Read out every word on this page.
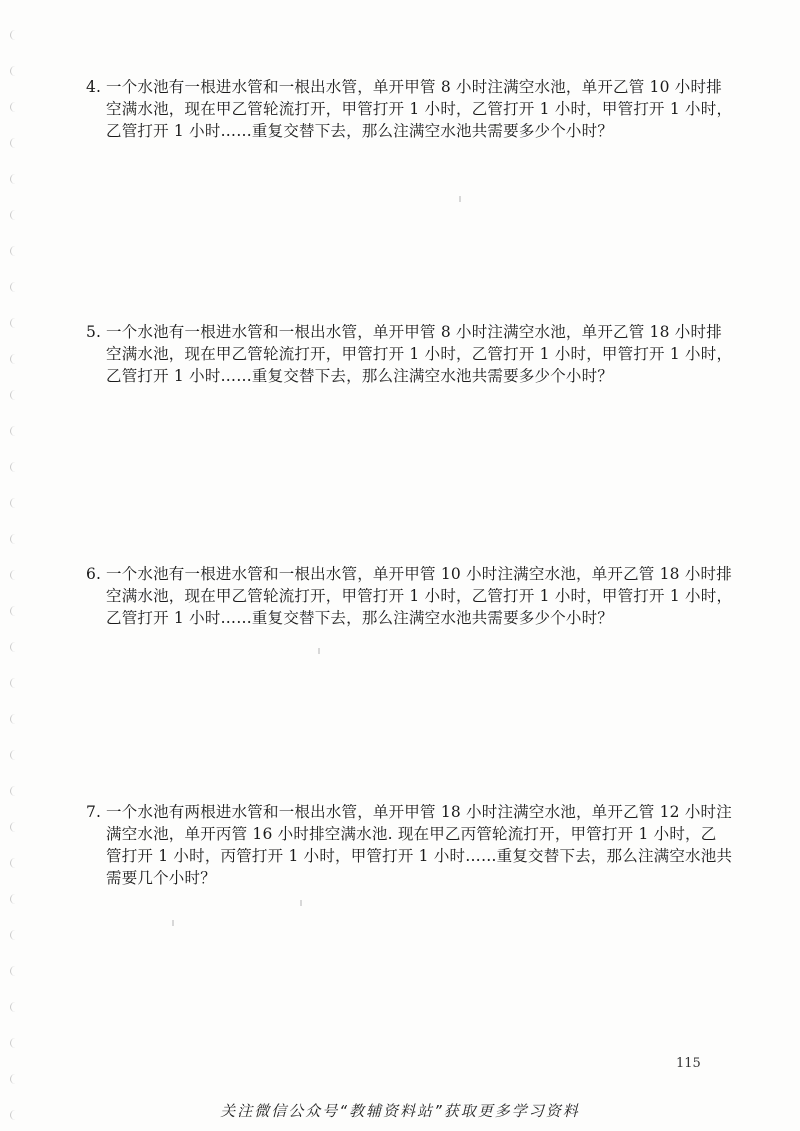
4. 一个水池有一根进水管和一根出水管，单开甲管 8 小时注满空水池，单开乙管 10 小时排
空满水池，现在甲乙管轮流打开，甲管打开 1 小时，乙管打开 1 小时，甲管打开 1 小时，
乙管打开 1 小时……重复交替下去，那么注满空水池共需要多少个小时？
5. 一个水池有一根进水管和一根出水管，单开甲管 8 小时注满空水池，单开乙管 18 小时排
空满水池，现在甲乙管轮流打开，甲管打开 1 小时，乙管打开 1 小时，甲管打开 1 小时，
乙管打开 1 小时……重复交替下去，那么注满空水池共需要多少个小时？
6. 一个水池有一根进水管和一根出水管，单开甲管 10 小时注满空水池，单开乙管 18 小时排
空满水池，现在甲乙管轮流打开，甲管打开 1 小时，乙管打开 1 小时，甲管打开 1 小时，
乙管打开 1 小时……重复交替下去，那么注满空水池共需要多少个小时？
7. 一个水池有两根进水管和一根出水管，单开甲管 18 小时注满空水池，单开乙管 12 小时注
满空水池，单开丙管 16 小时排空满水池. 现在甲乙丙管轮流打开，甲管打开 1 小时，乙
管打开 1 小时，丙管打开 1 小时，甲管打开 1 小时……重复交替下去，那么注满空水池共
需要几个小时？
115
关注微信公众号“教辅资料站”获取更多学习资料
